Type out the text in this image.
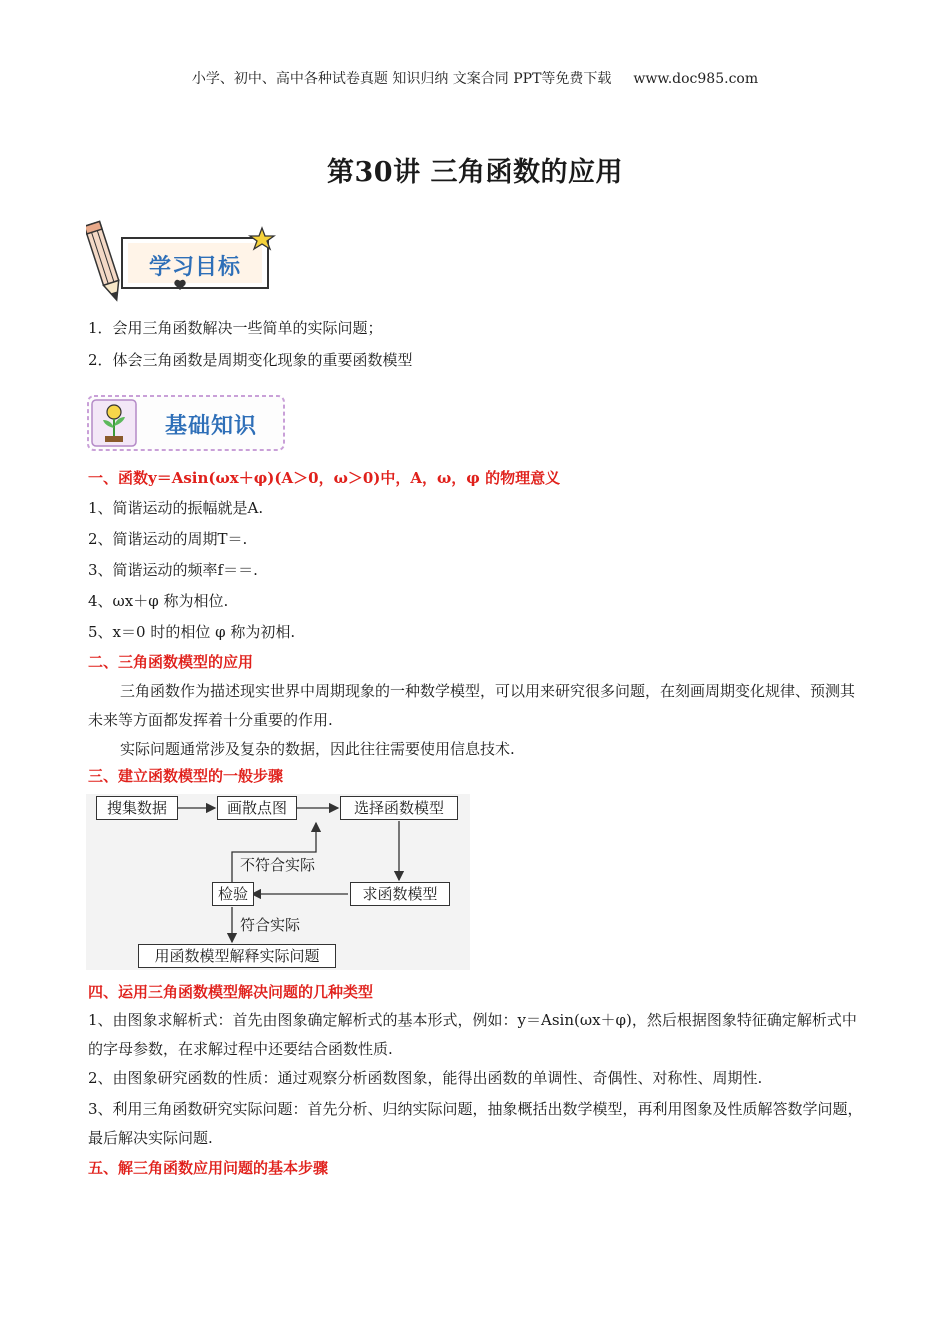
小学、初中、高中各种试卷真题 知识归纳 文案合同 PPT等免费下载 www.doc985.com
第30讲 三角函数的应用
学习目标
1．会用三角函数解决一些简单的实际问题；
2．体会三角函数是周期变化现象的重要函数模型
基础知识
一、函数y＝Asin(ωx＋φ)(A＞0，ω＞0)中，A，ω，φ 的物理意义
1、简谐运动的振幅就是A.
2、简谐运动的周期T＝.
3、简谐运动的频率f＝＝.
4、ωx＋φ 称为相位.
5、x＝0 时的相位 φ 称为初相.
二、三角函数模型的应用
三角函数作为描述现实世界中周期现象的一种数学模型，可以用来研究很多问题，在刻画周期变化规律、预测其未来等方面都发挥着十分重要的作用.
实际问题通常涉及复杂的数据，因此往往需要使用信息技术.
三、建立函数模型的一般步骤
搜集数据	画散点图	选择函数模型
求函数模型
检验
不符合实际
符合实际
用函数模型解释实际问题
四、运用三角函数模型解决问题的几种类型
1、由图象求解析式：首先由图象确定解析式的基本形式，例如：y＝Asin(ωx＋φ)，然后根据图象特征确定解析式中的字母参数，在求解过程中还要结合函数性质.
2、由图象研究函数的性质：通过观察分析函数图象，能得出函数的单调性、奇偶性、对称性、周期性.
3、利用三角函数研究实际问题：首先分析、归纳实际问题，抽象概括出数学模型，再利用图象及性质解答数学问题，最后解决实际问题.
五、解三角函数应用问题的基本步骤
